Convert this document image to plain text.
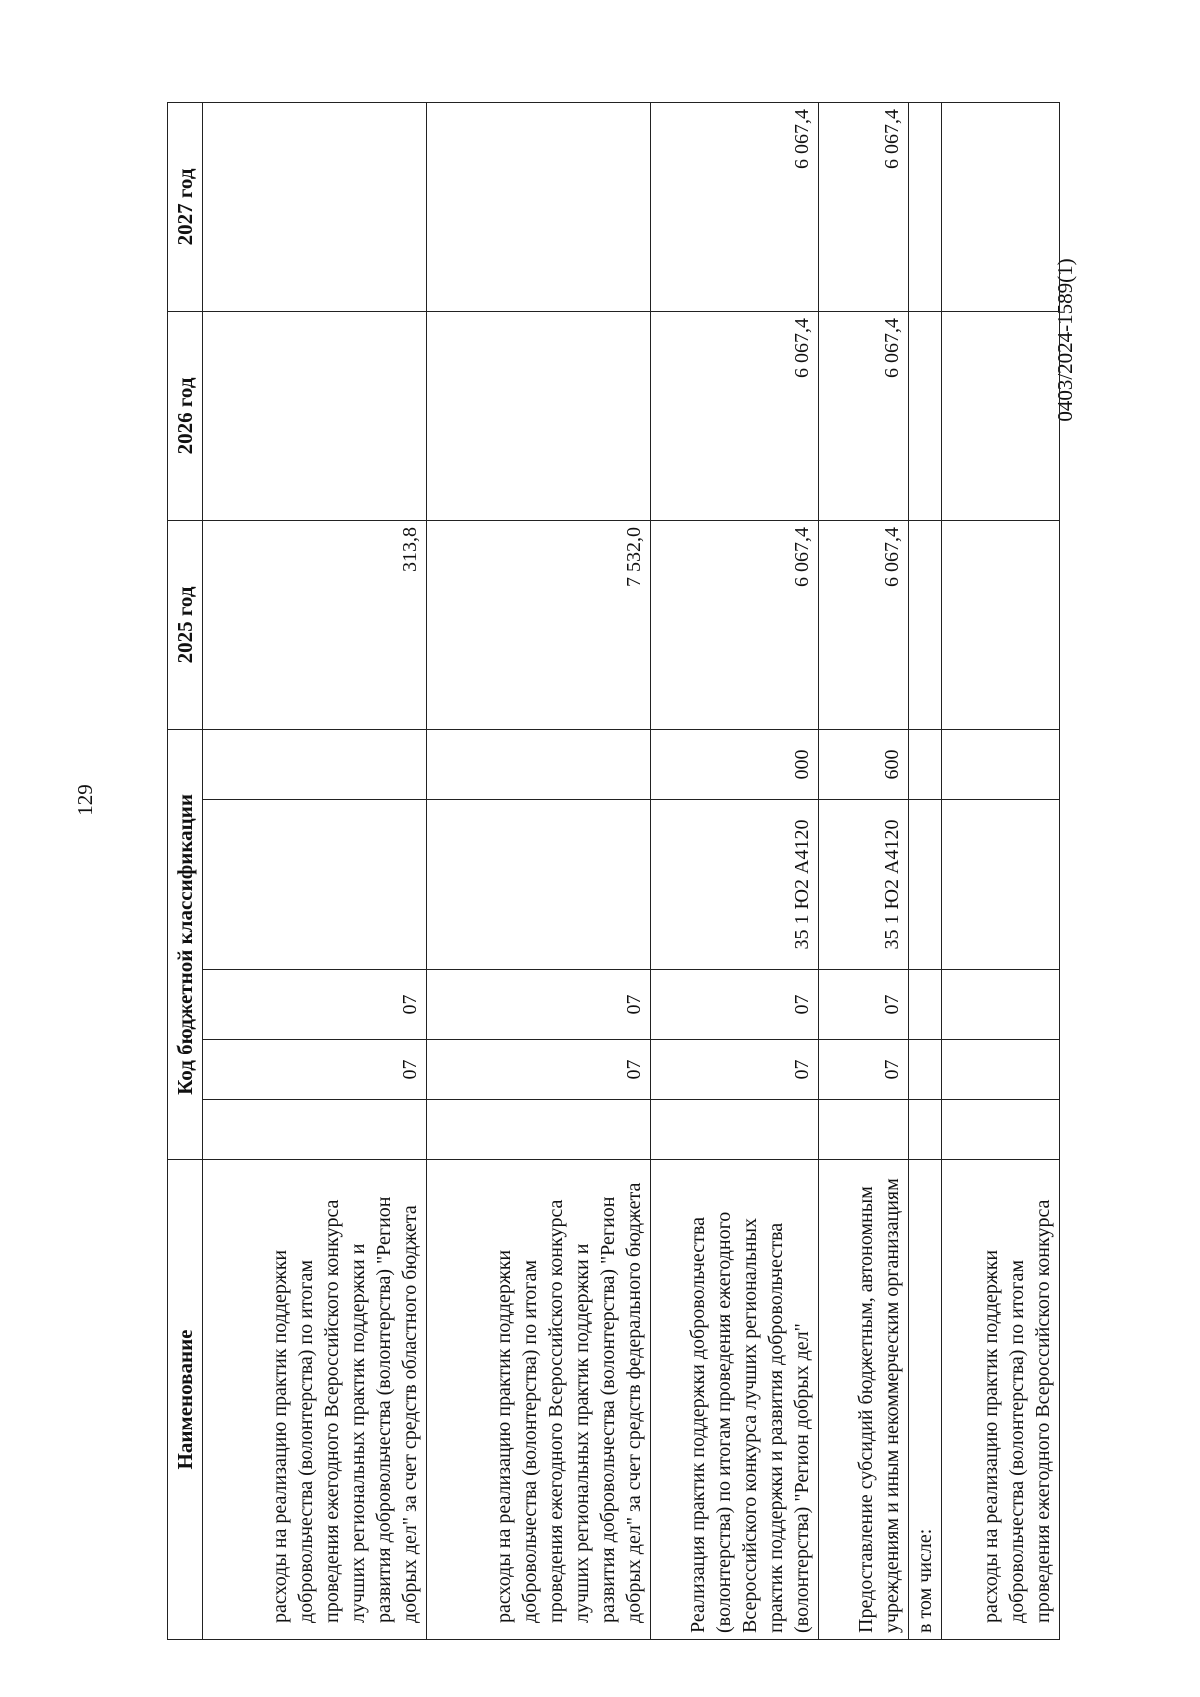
129
0403/2024-1589(1)
Наименование	Код бюджетной классификации					2025 год	2026 год	2027 год
расходы на реализацию практик поддержки добровольчества (волонтерства) по итогам проведения ежегодного Всероссийского конкурса лучших региональных практик поддержки и развития добровольчества (волонтерства) "Регион добрых дел" за счет средств областного бюджета		07	07			313,8		
расходы на реализацию практик поддержки добровольчества (волонтерства) по итогам проведения ежегодного Всероссийского конкурса лучших региональных практик поддержки и развития добровольчества (волонтерства) "Регион добрых дел" за счет средств федерального бюджета		07	07			7 532,0		
Реализация практик поддержки добровольчества (волонтерства) по итогам проведения ежегодного Всероссийского конкурса лучших региональных практик поддержки и развития добровольчества (волонтерства) "Регион добрых дел"		07	07	35 1 Ю2 А4120	000	6 067,4	6 067,4	6 067,4
Предоставление субсидий бюджетным, автономным учреждениям и иным некоммерческим организациям		07	07	35 1 Ю2 А4120	600	6 067,4	6 067,4	6 067,4
в том числе:								
расходы на реализацию практик поддержки добровольчества (волонтерства) по итогам проведения ежегодного Всероссийского конкурса								
